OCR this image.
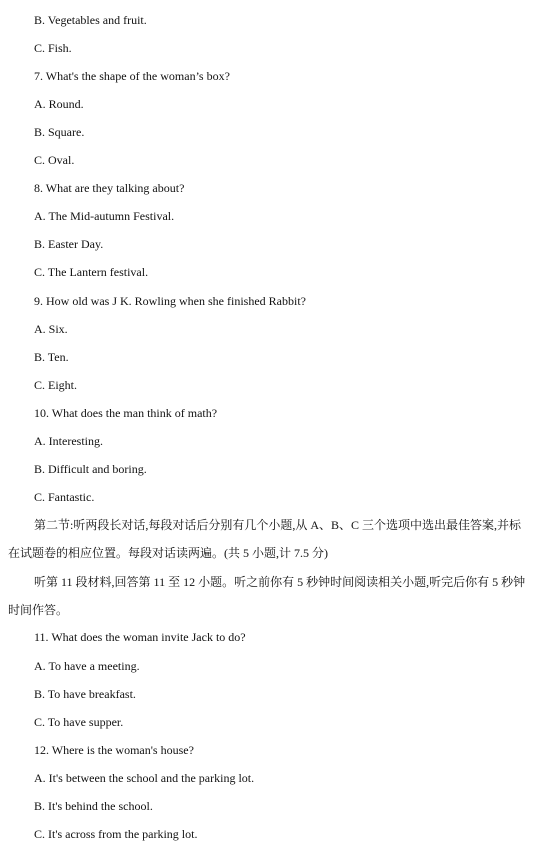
B. Vegetables and fruit.
C. Fish.
7. What's the shape of the woman’s box?
A. Round.
B. Square.
C. Oval.
8. What are they talking about?
A. The Mid-autumn Festival.
B. Easter Day.
C. The Lantern festival.
9. How old was J K. Rowling when she finished Rabbit?
A. Six.
B. Ten.
C. Eight.
10. What does the man think of math?
A. Interesting.
B. Difficult and boring.
C. Fantastic.
第二节:听两段长对话,每段对话后分别有几个小题,从 A、B、C 三个选项中选出最佳答案,并标在试题卷的相应位置。每段对话读两遍。(共 5 小题,计 7.5 分)
听第 11 段材料,回答第 11 至 12 小题。听之前你有 5 秒钟时间阅读相关小题,听完后你有 5 秒钟时间作答。
11. What does the woman invite Jack to do?
A. To have a meeting.
B. To have breakfast.
C. To have supper.
12. Where is the woman's house?
A. It's between the school and the parking lot.
B. It's behind the school.
C. It's across from the parking lot.
